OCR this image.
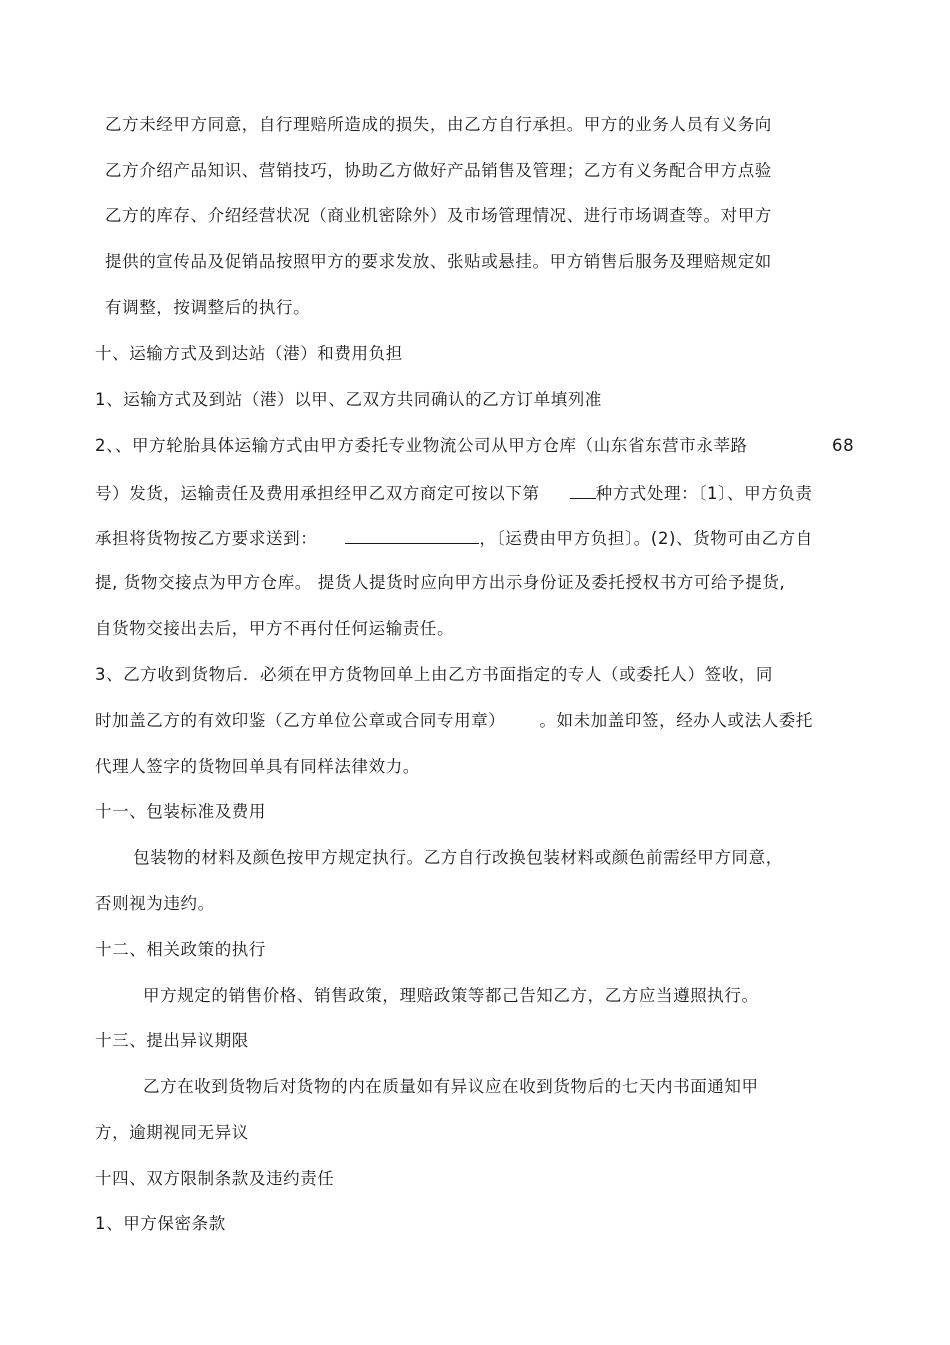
乙方未经甲方同意，自行理赔所造成的损失，由乙方自行承担。甲方的业务人员有义务向
乙方介绍产品知识、营销技巧，协助乙方做好产品销售及管理；乙方有义务配合甲方点验
乙方的库存、介绍经营状况（商业机密除外）及市场管理情况、进行市场调查等。对甲方
提供的宣传品及促销品按照甲方的要求发放、张贴或悬挂。甲方销售后服务及理赔规定如
有调整，按调整后的执行。
十、运输方式及到达站（港）和费用负担
1、运输方式及到站（港）以甲、乙双方共同确认的乙方订单填列准
2、、甲方轮胎具体运输方式由甲方委托专业物流公司从甲方仓库（山东省东营市永莘路	68
号）发货，运输责任及费用承担经甲乙双方商定可按以下第	种方式处理：〔1〕、甲方负责
承担将货物按乙方要求送到：	，〔运费由甲方负担〕。(2)、货物可由乙方自
提, 货物交接点为甲方仓库。 提货人提货时应向甲方出示身份证及委托授权书方可给予提货,
自货物交接出去后，甲方不再付任何运输责任。
3、乙方收到货物后．必须在甲方货物回单上由乙方书面指定的专人（或委托人）签收，同
时加盖乙方的有效印鉴（乙方单位公章或合同专用章） 。如未加盖印签，经办人或法人委托
代理人签字的货物回单具有同样法律效力。
十一、包装标准及费用
包装物的材料及颜色按甲方规定执行。乙方自行改换包装材料或颜色前需经甲方同意，
否则视为违约。
十二、相关政策的执行
甲方规定的销售价格、销售政策，理赔政策等都己告知乙方，乙方应当遵照执行。
十三、提出异议期限
乙方在收到货物后对货物的内在质量如有异议应在收到货物后的七天内书面通知甲
方，逾期视同无异议
十四、双方限制条款及违约责任
1、甲方保密条款
